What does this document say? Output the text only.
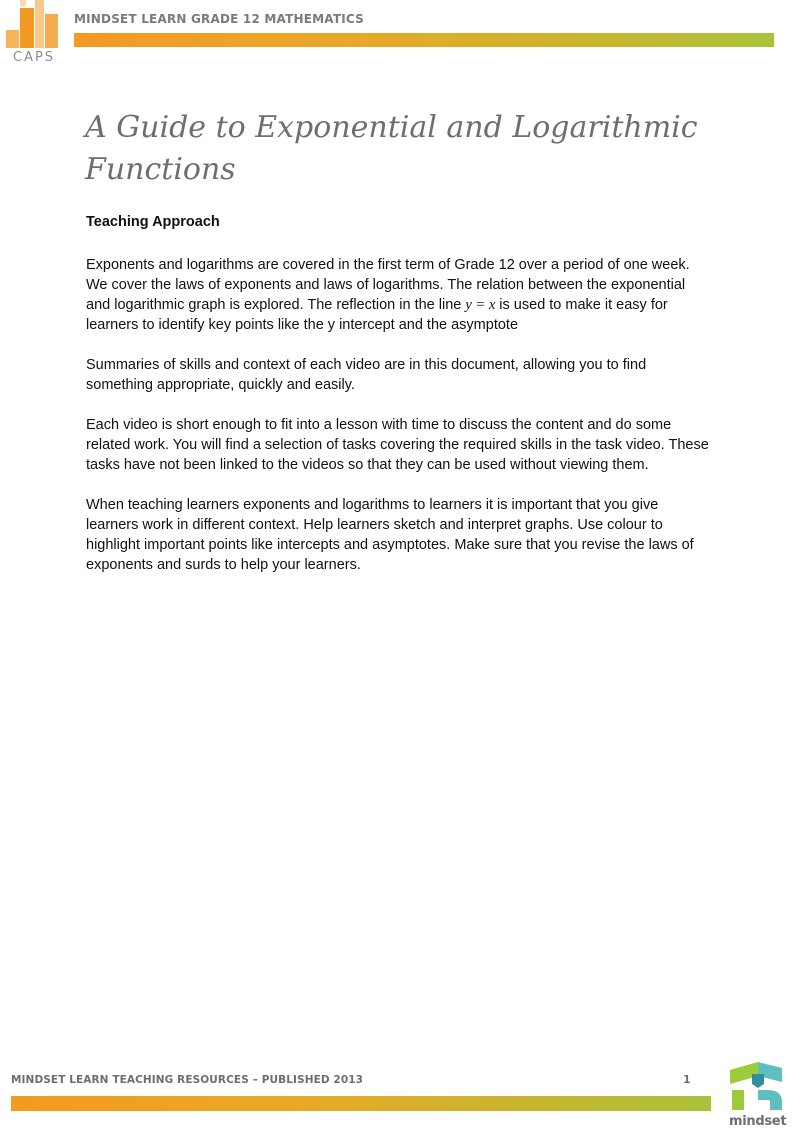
CAPS
MINDSET LEARN GRADE 12 MATHEMATICS
A Guide to Exponential and Logarithmic Functions
Teaching Approach

Exponents and logarithms are covered in the first term of Grade 12 over a period of one week. We cover the laws of exponents and laws of logarithms. The relation between the exponential and logarithmic graph is explored. The reflection in the line y = x is used to make it easy for learners to identify key points like the y intercept and the asymptote

Summaries of skills and context of each video are in this document, allowing you to find something appropriate, quickly and easily.

Each video is short enough to fit into a lesson with time to discuss the content and do some related work. You will find a selection of tasks covering the required skills in the task video. These tasks have not been linked to the videos so that they can be used without viewing them.

When teaching learners exponents and logarithms to learners it is important that you give learners work in different context. Help learners sketch and interpret graphs. Use colour to highlight important points like intercepts and asymptotes. Make sure that you revise the laws of exponents and surds to help your learners.

MINDSET LEARN TEACHING RESOURCES – PUBLISHED 2013	1
mindset
